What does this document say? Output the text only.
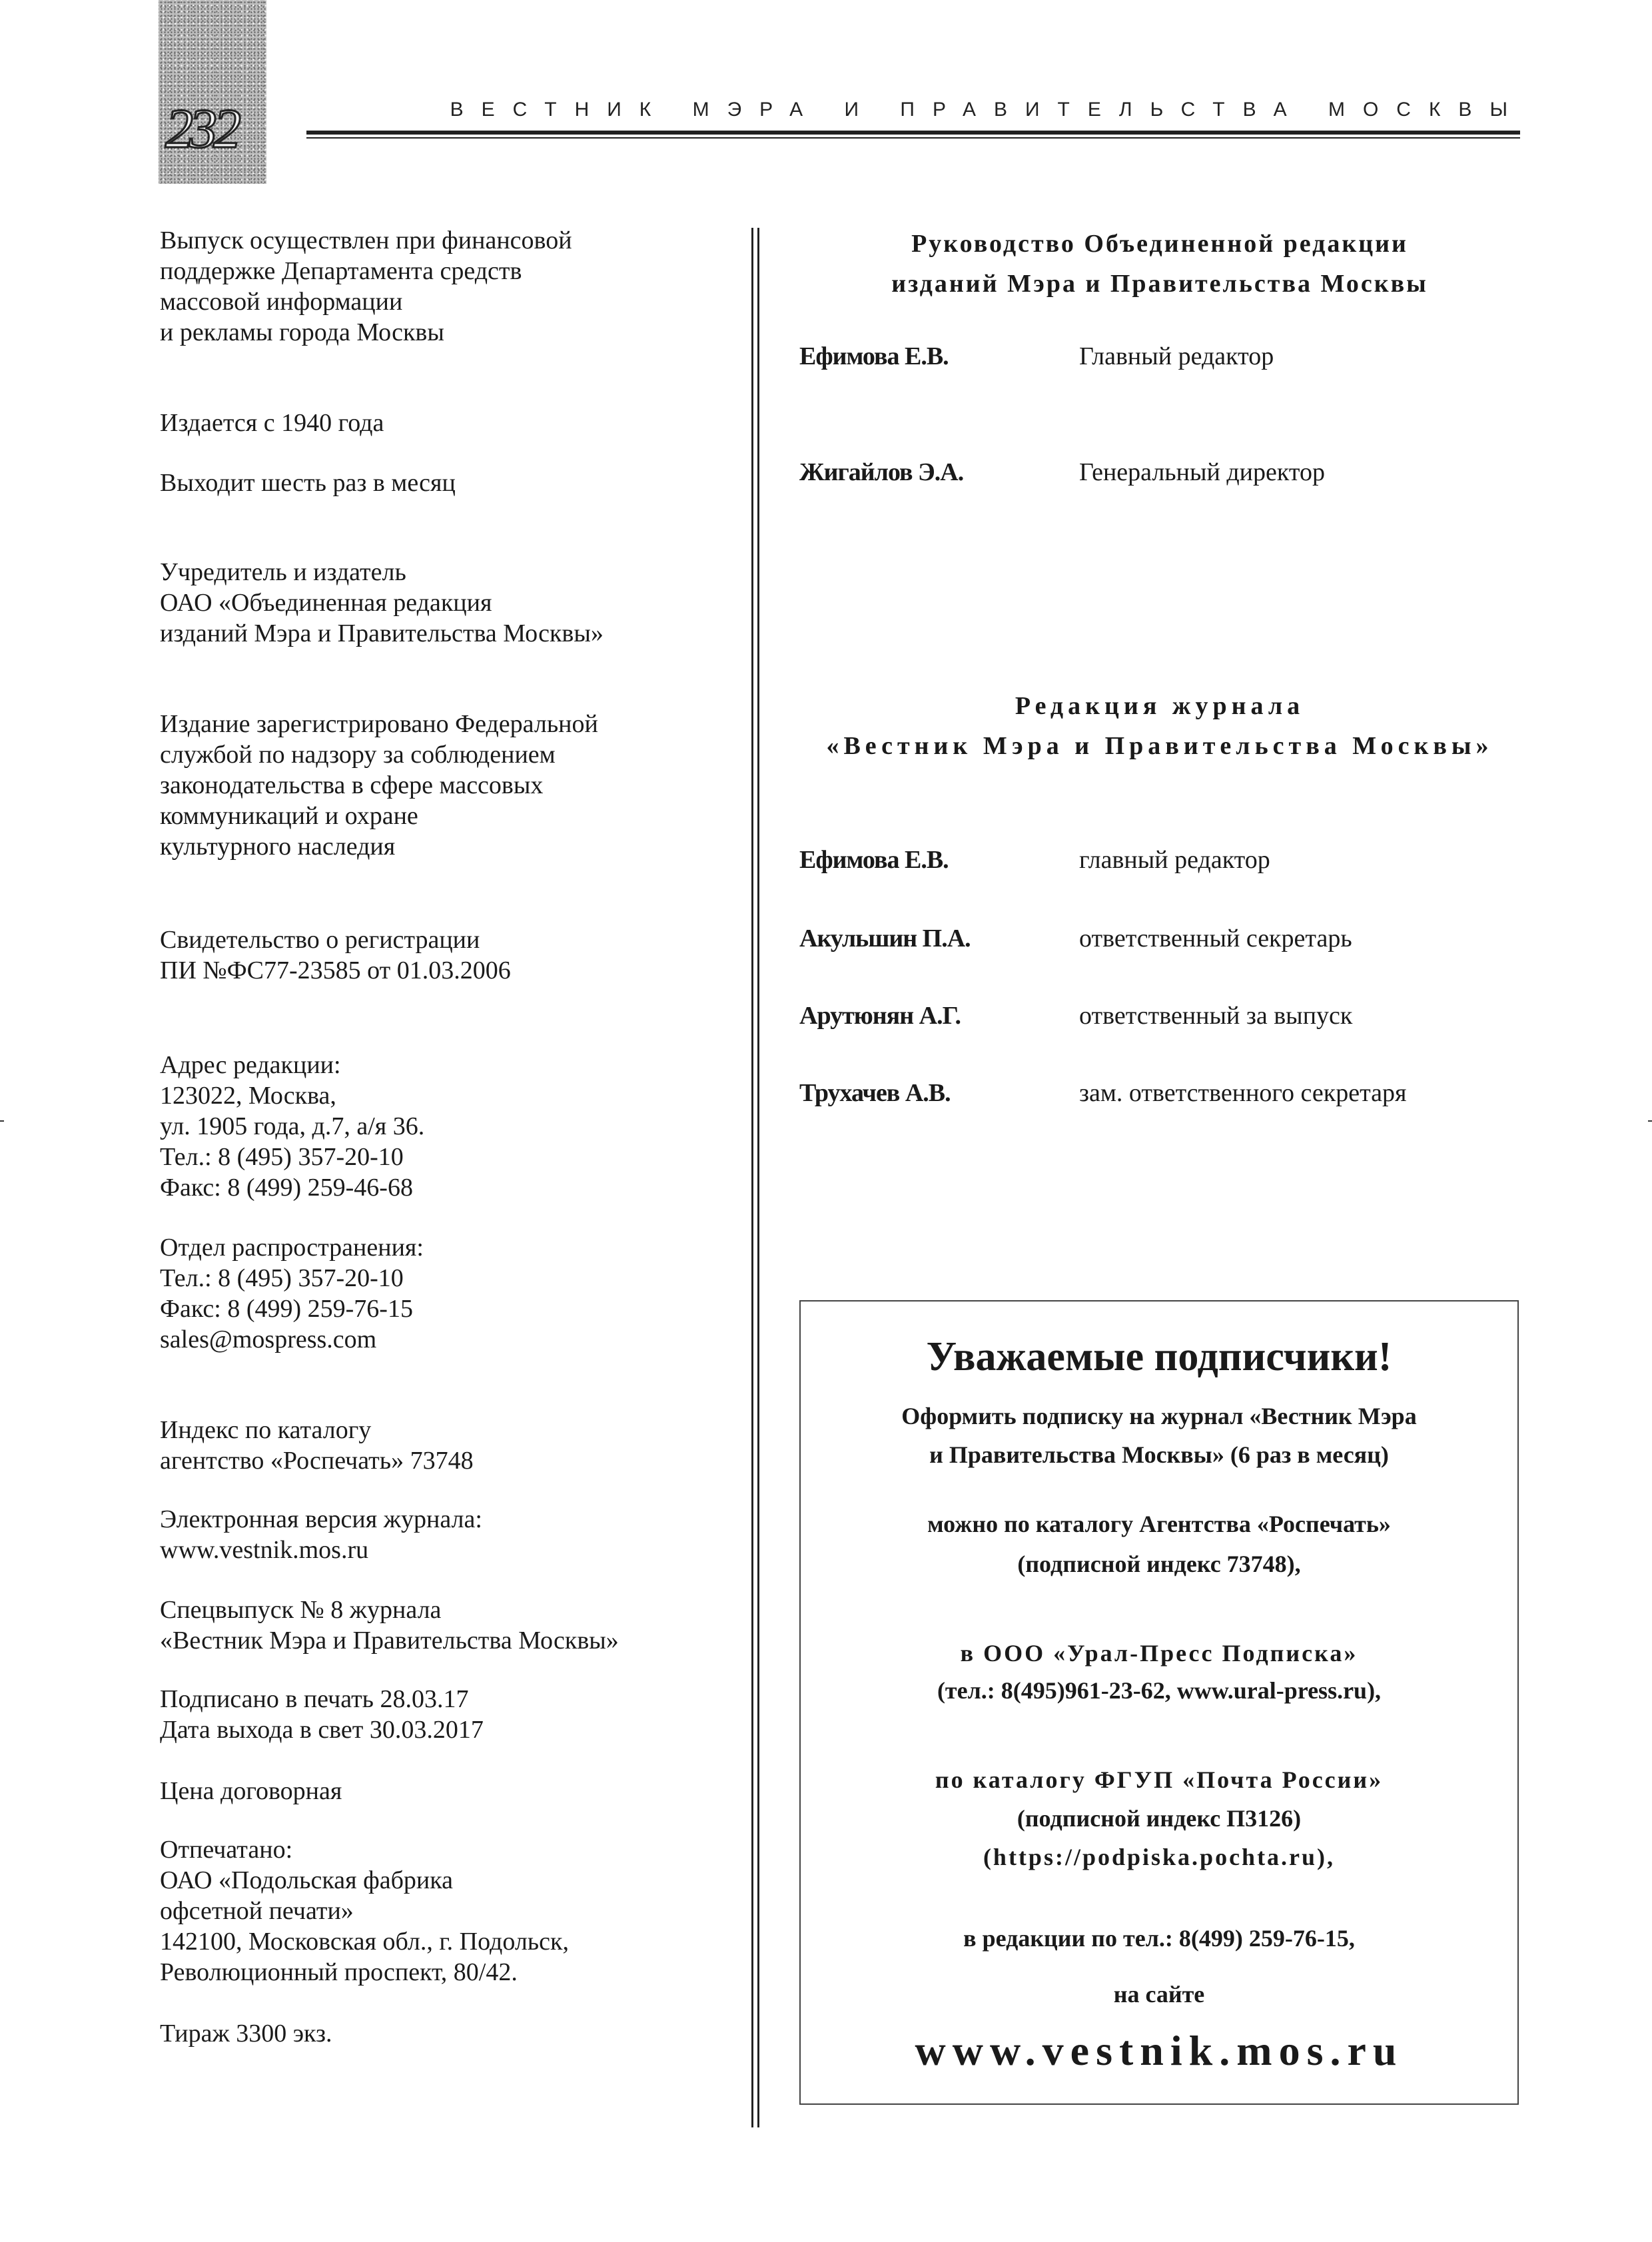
232	ВЕСТНИК МЭРА И ПРАВИТЕЛЬСТВА МОСКВЫ
Выпуск осуществлен при финансовой
поддержке Департамента средств
массовой информации
и рекламы города Москвы
Издается с 1940 года
Выходит шесть раз в месяц
Учредитель и издатель
ОАО «Объединенная редакция
изданий Мэра и Правительства Москвы»
Издание зарегистрировано Федеральной
службой по надзору за соблюдением
законодательства в сфере массовых
коммуникаций и охране
культурного наследия
Свидетельство о регистрации
ПИ №ФС77-23585 от 01.03.2006
Адрес редакции:
123022, Москва,
ул. 1905 года, д.7, а/я 36.
Тел.: 8 (495) 357-20-10
Факс: 8 (499) 259-46-68
Отдел распространения:
Тел.: 8 (495) 357-20-10
Факс: 8 (499) 259-76-15
sales@mospress.com
Индекс по каталогу
агентство «Роспечать» 73748
Электронная версия журнала:
www.vestnik.mos.ru
Спецвыпуск № 8 журнала
«Вестник Мэра и Правительства Москвы»
Подписано в печать 28.03.17
Дата выхода в свет 30.03.2017
Цена договорная
Отпечатано:
ОАО «Подольская фабрика
офсетной печати»
142100, Московская обл., г. Подольск,
Революционный проспект, 80/42.
Тираж 3300 экз.
Руководство Объединенной редакции
изданий Мэра и Правительства Москвы
Ефимова Е.В.	Главный редактор
Жигайлов Э.А.	Генеральный директор
Редакция журнала
«Вестник Мэра и Правительства Москвы»
Ефимова Е.В.	главный редактор
Акульшин П.А.	ответственный секретарь
Арутюнян А.Г.	ответственный за выпуск
Трухачев А.В.	зам. ответственного секретаря
Уважаемые подписчики!
Оформить подписку на журнал «Вестник Мэра
и Правительства Москвы» (6 раз в месяц)
можно по каталогу Агентства «Роспечать»
(подписной индекс 73748),
в ООО «Урал-Пресс Подписка»
(тел.: 8(495)961-23-62, www.ural-press.ru),
по каталогу ФГУП «Почта России»
(подписной индекс П3126)
(https://podpiska.pochta.ru),
в редакции по тел.: 8(499) 259-76-15,
на сайте
www.vestnik.mos.ru
